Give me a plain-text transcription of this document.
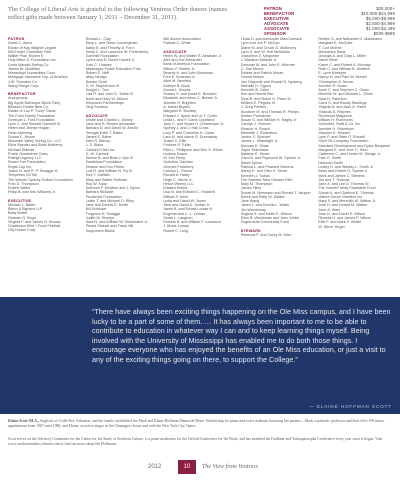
The College of Liberal Arts is grateful to the following Ventress Order donors (names reflect gifts made between January 1, 2011 – December 31, 2011).
PATRON	$25,000+
BENEFACTOR	$10,000-$24,999
EXECUTIVE	$5,000-$9,999
ADVOCATE	$2,500-$4,999
ASSOCIATE	$1,000-$2,499
SPONSOR	$500-$999

PATRON

David C. Akers

Estate of Kay Wagner Legard

Mill Foster Charitable Fdtn.

Walter Plaz, Robert E.

Holy Miller Jr. Foundation Inc.

Linda Wandel-Sertog Co.

James W. McMillan

Mississippi Humanities Coun.

Mortgage Insurance Grp. of America

J.W. Sheraton Co.

Wang Range Corp.

BENEFACTOR

Anonymous

Big Apple Barbeque Block Party

Billsboro Estate New Co.

Estate of Lou P. "Lucy" Davis

The Frost Family Foundation

Gertrude L. Ford Foundation

Lynn C. and Stewart Gammill III

Helen and Jimmie Hogan

Dean Manning

Donna C. Moore

Mountain Valley Spring Co., LLC

Eliza Stander and Brian McHenry

Michael Stander

Poetic Greatdeme Ones

Raleigh Agency LLC

Rosen Fan Foundation

Royal Cup Inc.

Joann N. and R. P. Smagge III

Temperies Gil Tell

The Warner Sydney Gollum Foundation

Fran D. Thompson

Robert Waller

Philip B. and Kirk Williams Jr.

EXECUTIVE

Michael L. Baker

Baton & Bigham LLP

Betty Bertel

Graham G. Boyd

Virginia F. and James G. Brooks

Charleston Mint + Food Festival

City House Corp.

Richard L. Clay

Mary L. and Steve Cunningham

Kathy E. and Timothy A. Ford

Emily C. and Laurence W. Fortenberry

Gammill Foundation

Lynne and D. Noont Howell Jr.

Julio C. Lindsey

Mississippi Power Education Fdtn.

Robert E. Neff

Abby Neutgo

Brooke Scott

G. M. Stephenson III

Dwight L. Tice

Lisa R. and John D. Torble III

Noelt and Gary W. Wilson

Winpower Partnerships

Zieg Gardens

ADVOCATE

Kirstie and Charles L. Alimey

Jane and H. Rowen Alexander

Barbara D. and David W. Arnold

Georgia Edith T. Bates

James E. Baker

Kara R. Bishop

J. S. Blake

Cortland Field Inc.

G. W. Cannell

Denise B. and Brad J. Dye III

Eastfellow Foundation

Eleanor and Kon Fisher

Lois R. and William N. Fry III

Toni T. Gallatin

Mary and Walter Hoffman

Roy W. Kalal

Deborah F. McAbee and J. Byron

Barbara McDade

Prudential Foundation

Leslie T. and Michael D. Riley

Jane and Dennis E. Smith

Bill Schroder

Fulgence N. Smagge

Judith M. Sherlyn

Sara N. and William W. Shoemaker Jr.

Piedra Stossel and Frank Hill

Supporters Banks

AW Alumni Association

Patricia C. White

ASSOCIATE

Helen W. and Walter R. Abraham Jr.

Alex and Joe Alexander

Bank of America Foundation

Wilson P. Barber Jr.

Beverly H. and John Bousman

Fred E. Bowman Jr.

Alice M. Bernfeld

Kathryn B. Buck

Donna L. Brooks

Sharon S. and David E. Brossert

Elizabeth and Heinz C. Brewer Jr.

Jennifer H. Brighton

A. Harter Bryant

Margaret K. Buckley

Edward J. Upton and Jo T. Curtis

Linda L. and F. Davis Copeland

Jane C. and Stuart H. Christensen Jr.

Sydney J. and J. Hall Cross

Lucy P. and Cornelius H. Cuber

Lara M. and Vance R. Dunnaway

Susan C. Ellis

Frances R. Elder

Ellen L. Phillipson and Ron S. Elkins

Lindsey Evans

W. Eric Fenty

Gretchen Gardner

Germee Frebberry

Carolyn L. Grover

Ronald A. Haley

Hugh C. Harris Jr.

Hirsch Weeny LLC

Edward Hobbs

Lisa N. and Edward C. Howarth

William F. Irene

Lydia and David W. Jones

Jane and David A. Jordan Jr.

Jamie B. and Ernest Louise III

Eugenia and C. L. Leman

Sarah L. Laughon

Pamela B. and William F. Lowrance

J. Bruce Lomas

Robert C. Long

Linda D. and Alexander MacCormack

Lynn and Jon P. McCan

Diane M. and Chuck G. McKinney

Lynn S. and W. Hull McMullan

Josephine Z. Meglomer

J. Madison McNeal Jr.

Deborah M. and John E. Michner

C. Sue Moore

Debbie and Patrick Moran

Teresa Nelson

Jan Osgoode and Ronald S. Nyckerg

Michelle H. Ogeos

Kenneth B. Orbin

Ann and Hewitt Parr

Gina R. and Robin H. Pears III

William E. Pegues III

J. Greg Perkins

Suzanne M. and Thomas R. Phelps

Kristen Poindexter

Susan S. and William H. Ragby Jr.

Carolyn J. Reeves

Eleanor H. Roach

Meredith J. Robertson

Janice S. Spencer

James L. Seawright Jr.

Norman E. Shaw

Joyce Sklerviska

Marlene E. Smart

Carol A. and Raymond W. Speers Jr.

Sarah Spicer

Patricia L. and Pearsea Stevens

Nancy E. and Glen H. Stone

Kenneth J. Sultus

The Sweeter New Orleans Fdtn.

Mary M. Thompson

James Tilley

Susan M. Neemann and Ronald T. Vaughn

Derek and Patty W. Walker

Jane Wang

Janes L. and Dennis L. Watts

Jim Wendeway

Virginia K. and Eddie E. Wilson

Ellen B. Weeleman and John Webb

Zugernaute Community Fund

STEWARD

Rebecca P. and Corey M. Allen

Reiden S. and Nathaniel G. Mackbamo

Margaret E. McGuire

T. Curt McKee

Mechanics Bank

Georgia A. and Gary L. Miller

Steve Mixer

Karen C. and Robert A. Monday

Ruth C. and William R. Mottrich

E. Lynn Mosepre

Nancy H. and Paul W. Murrell

Christopher A. Nezoo

Jennifer R. Noren

Anne C. and Stephen C. Olsen

Michelle W. and Michael L. Oliver

Sara H. Paterson

Carol S. and Randy Rawlings

Virginia N. and Jack G. Reed

Yolanda S. Rhymes

Richmond Magazine

William H. Rummons

Schreiber, Swift & Co. Inc.

Jennifer H. Robertson

Stephen E. Russell

Lynn P. and Stark G. Russell

Shell Oil Company Foundation

Standard Development and Dylan Benjamin

Margaret K. and John C. Silvo

Catherine C. and Hunter M. Sledge Jr.

Paul O. Smith

Deborah Smith

Lesley H. and Stanley L. Smith Jr.

Brian and Robert G. Spears II

Mark and James C. Stevens

Jim and T. Thomas

Jane A. and Lee D. Thomas Sr.

The Vowell Family Charitable Fund

Susan K. and Gattford E. Thomas

Valiere Deuce Warfield Inc.

Mary S. and Meredith W. Walton Jr.

Julie H. and Gerald M. Walker

Jane A. Ware

Jean H. and David E. Wilson

Rhonda H. and James P. Wilson

Ellie F. and Mark V. Wolter

W. Steve Yerger

“There have always been exciting things happening on the Ole Miss campus, and I have been lucky to be a part of some of them. … It has always been important to me to be able to contribute to education in whatever way I can and to keep learning things myself. Being involved with the University of Mississippi has enabled me to do both those things. I encourage everyone who has enjoyed the benefits of an Ole Miss education, or just a visit to any of the exciting things going on there, to support the College.”
— ELAINE HOFFMAN SCOTT
Elaine Scott (M.A., Anglistic of Cedle Rev. Arkansas, and her family established the Mark and Elaine Hoffman Memorial Music Scholarship for piano and voice students; honoring her parents—Mark, a patriotic professor and their life's 190 minor appointment from 1967 until 1986, and Elaine, an active singer in the Chantages chorus and with the New York City Opera.
Scott serves on the Advisory Committee for the Center for the Study of Southern Culture, is a panel moderator for the Oxford Conference for the Book, and has attended the Faulkner and Yoknapatawpha Conference every year since it began. Visit www.southernstudies.olemiss.edu to find out more about the Hoffmans.
2012	10	The View from Ventress
